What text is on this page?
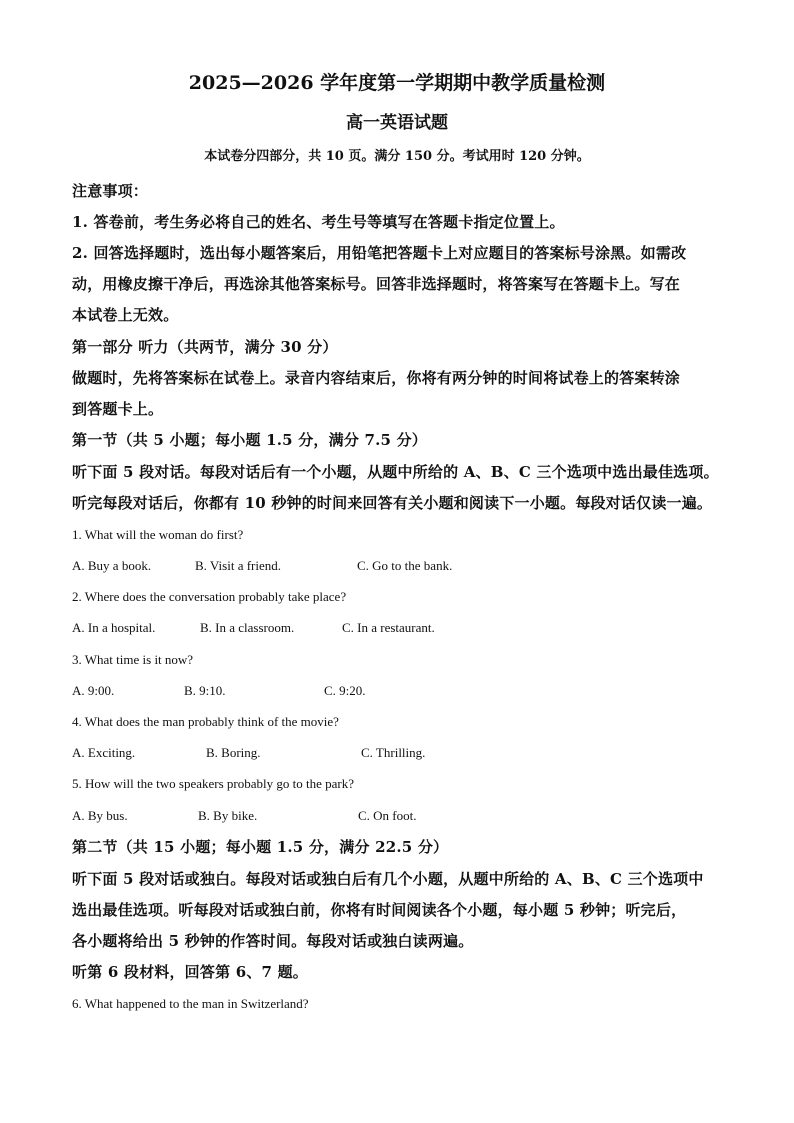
2025—2026 学年度第一学期期中教学质量检测
高一英语试题
本试卷分四部分，共 10 页。满分 150 分。考试用时 120 分钟。
注意事项：
1. 答卷前，考生务必将自己的姓名、考生号等填写在答题卡指定位置上。
2. 回答选择题时，选出每小题答案后，用铅笔把答题卡上对应题目的答案标号涂黑。如需改
动，用橡皮擦干净后，再选涂其他答案标号。回答非选择题时，将答案写在答题卡上。写在
本试卷上无效。
第一部分 听力（共两节，满分 30 分）
做题时，先将答案标在试卷上。录音内容结束后，你将有两分钟的时间将试卷上的答案转涂
到答题卡上。
第一节（共 5 小题；每小题 1.5 分，满分 7.5 分）
听下面 5 段对话。每段对话后有一个小题，从题中所给的 A、B、C 三个选项中选出最佳选项。
听完每段对话后，你都有 10 秒钟的时间来回答有关小题和阅读下一小题。每段对话仅读一遍。
1. What will the woman do first?
A. Buy a book.	B. Visit a friend.	C. Go to the bank.
2. Where does the conversation probably take place?
A. In a hospital.	B. In a classroom.	C. In a restaurant.
3. What time is it now?
A. 9:00.	B. 9:10.	C. 9:20.
4. What does the man probably think of the movie?
A. Exciting.	B. Boring.	C. Thrilling.
5. How will the two speakers probably go to the park?
A. By bus.	B. By bike.	C. On foot.
第二节（共 15 小题；每小题 1.5 分，满分 22.5 分）
听下面 5 段对话或独白。每段对话或独白后有几个小题，从题中所给的 A、B、C 三个选项中
选出最佳选项。听每段对话或独白前，你将有时间阅读各个小题，每小题 5 秒钟；听完后，
各小题将给出 5 秒钟的作答时间。每段对话或独白读两遍。
听第 6 段材料，回答第 6、7 题。
6. What happened to the man in Switzerland?
